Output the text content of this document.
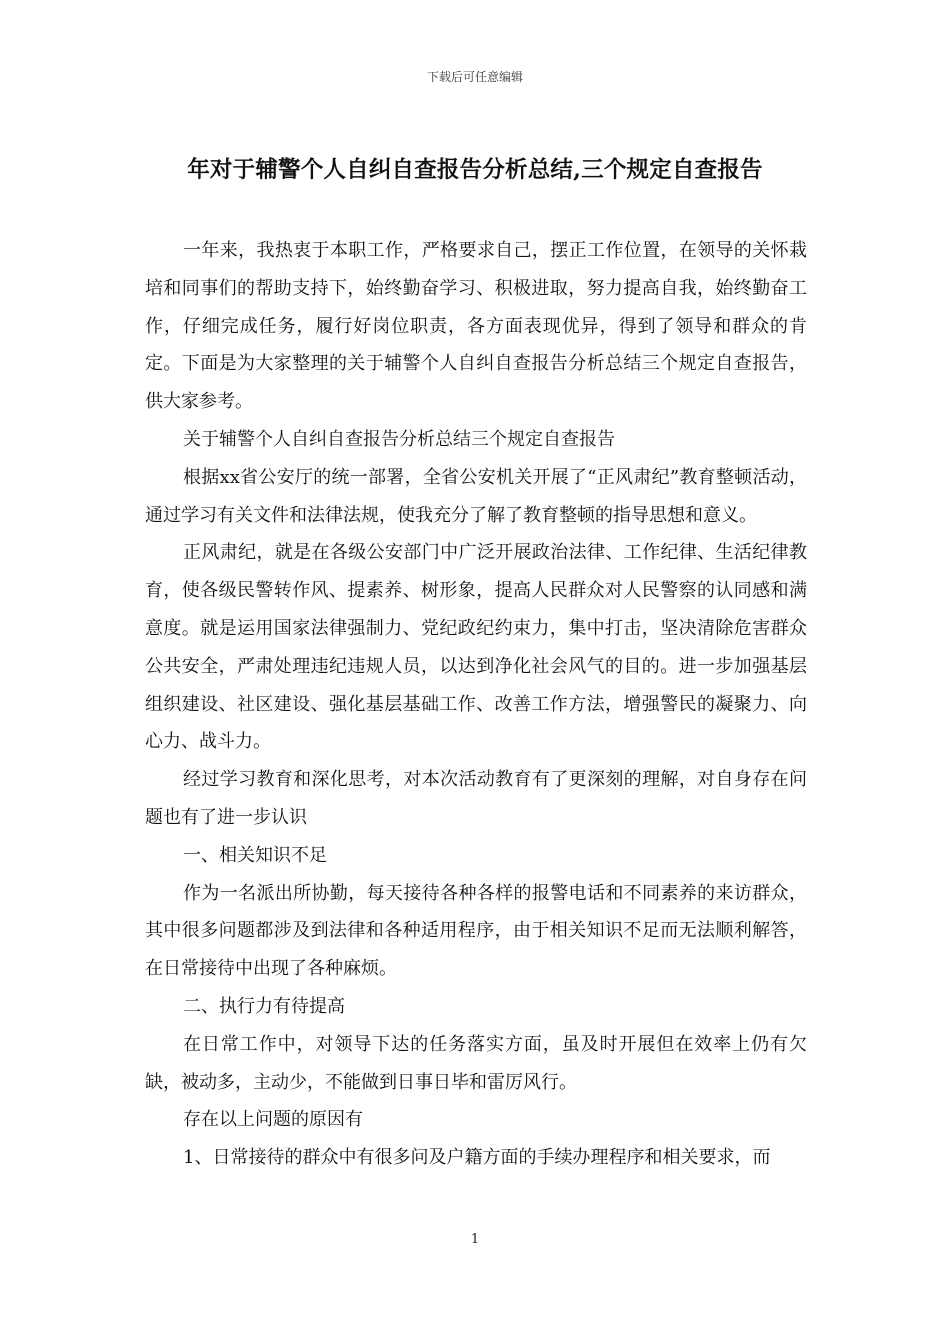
下载后可任意编辑
年对于辅警个人自纠自查报告分析总结,三个规定自查报告

一年来，我热衷于本职工作，严格要求自己，摆正工作位置，在领导的关怀栽培和同事们的帮助支持下，始终勤奋学习、积极进取，努力提高自我，始终勤奋工作，仔细完成任务，履行好岗位职责，各方面表现优异，得到了领导和群众的肯定。下面是为大家整理的关于辅警个人自纠自查报告分析总结三个规定自查报告，供大家参考。

关于辅警个人自纠自查报告分析总结三个规定自查报告

根据xx省公安厅的统一部署，全省公安机关开展了“正风肃纪”教育整顿活动，通过学习有关文件和法律法规，使我充分了解了教育整顿的指导思想和意义。

正风肃纪，就是在各级公安部门中广泛开展政治法律、工作纪律、生活纪律教育，使各级民警转作风、提素养、树形象，提高人民群众对人民警察的认同感和满意度。就是运用国家法律强制力、党纪政纪约束力，集中打击，坚决清除危害群众公共安全，严肃处理违纪违规人员，以达到净化社会风气的目的。进一步加强基层组织建设、社区建设、强化基层基础工作、改善工作方法，增强警民的凝聚力、向心力、战斗力。

经过学习教育和深化思考，对本次活动教育有了更深刻的理解，对自身存在问题也有了进一步认识

一、相关知识不足

作为一名派出所协勤，每天接待各种各样的报警电话和不同素养的来访群众，其中很多问题都涉及到法律和各种适用程序，由于相关知识不足而无法顺利解答，在日常接待中出现了各种麻烦。

二、执行力有待提高

在日常工作中，对领导下达的任务落实方面，虽及时开展但在效率上仍有欠缺，被动多，主动少，不能做到日事日毕和雷厉风行。

存在以上问题的原因有

1、日常接待的群众中有很多问及户籍方面的手续办理程序和相关要求，而

1
